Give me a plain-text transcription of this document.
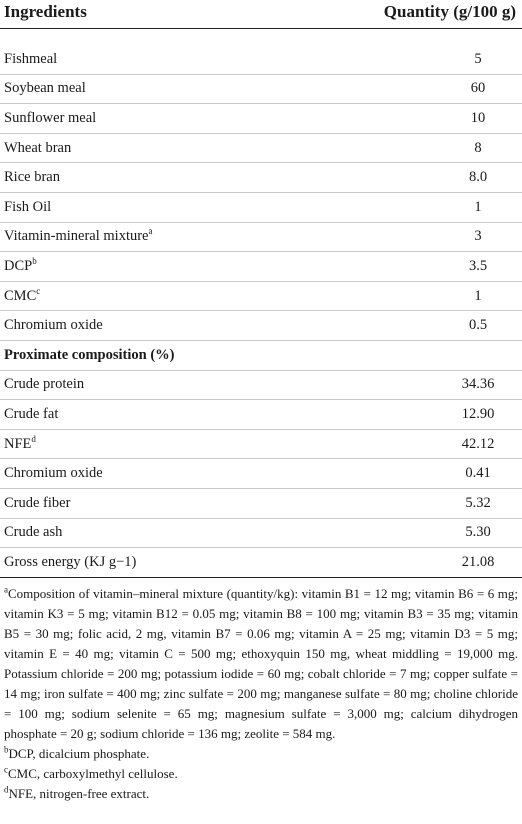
Ingredients	Quantity (g/100 g)

Fishmeal	5
Soybean meal	60
Sunflower meal	10
Wheat bran	8
Rice bran	8.0
Fish Oil	1
Vitamin-mineral mixture$^a$	3
DCP$^b$	3.5
CMC$^c$	1
Chromium oxide	0.5
Proximate composition (%)	
Crude protein	34.36
Crude fat	12.90
NFE$^d$	42.12
Chromium oxide	0.41
Crude fiber	5.32
Crude ash	5.30
Gross energy (KJ g−1)	21.08

$^a$Composition of vitamin–mineral mixture (quantity/kg): vitamin B1 = 12 mg; vitamin B6 = 6 mg; vitamin K3 = 5 mg; vitamin B12 = 0.05 mg; vitamin B8 = 100 mg; vitamin B3 = 35 mg; vitamin B5 = 30 mg; folic acid, 2 mg, vitamin B7 = 0.06 mg; vitamin A = 25 mg; vitamin D3 = 5 mg; vitamin E = 40 mg; vitamin C = 500 mg; ethoxyquin 150 mg, wheat middling = 19,000 mg. Potassium chloride = 200 mg; potassium iodide = 60 mg; cobalt chloride = 7 mg; copper sulfate = 14 mg; iron sulfate = 400 mg; zinc sulfate = 200 mg; manganese sulfate = 80 mg; choline chloride = 100 mg; sodium selenite = 65 mg; magnesium sulfate = 3,000 mg; calcium dihydrogen phosphate = 20 g; sodium chloride = 136 mg; zeolite = 584 mg.

$^b$DCP, dicalcium phosphate.

$^c$CMC, carboxylmethyl cellulose.

$^d$NFE, nitrogen-free extract.
